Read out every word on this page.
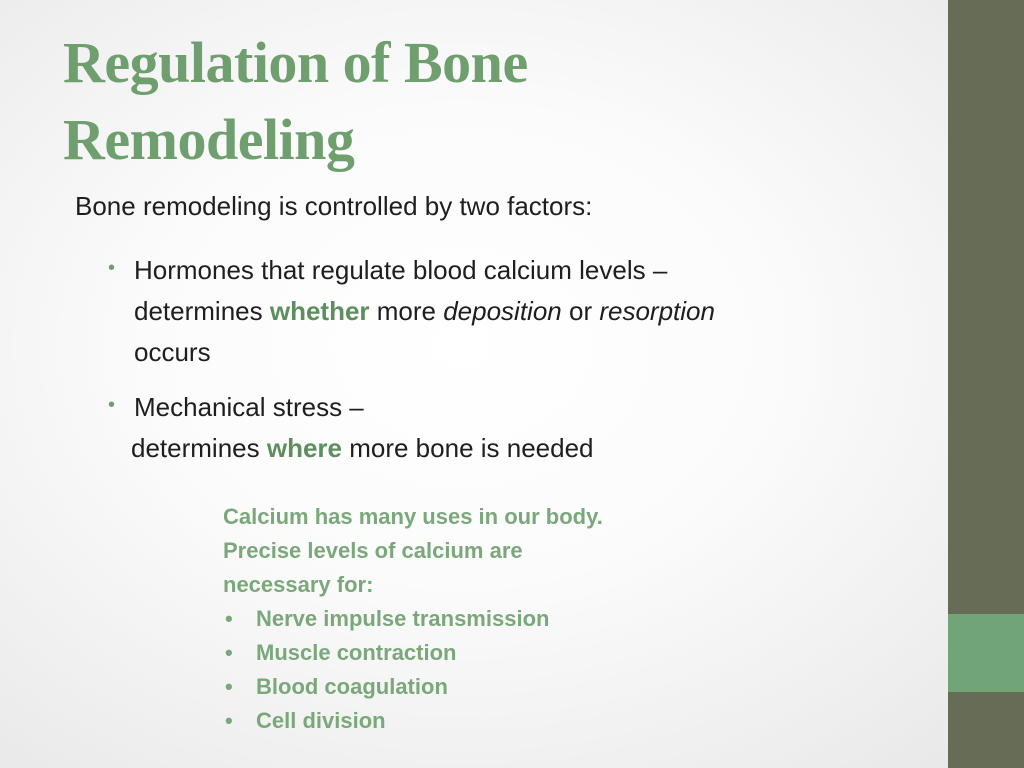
Regulation of Bone
Remodeling

Bone remodeling is controlled by two factors:

• Hormones that regulate blood calcium levels –
determines whether more deposition or resorption
occurs
• Mechanical stress –
determines where more bone is needed
Calcium has many uses in our body.
Precise levels of calcium are
necessary for:
• Nerve impulse transmission
• Muscle contraction
• Blood coagulation
• Cell division
